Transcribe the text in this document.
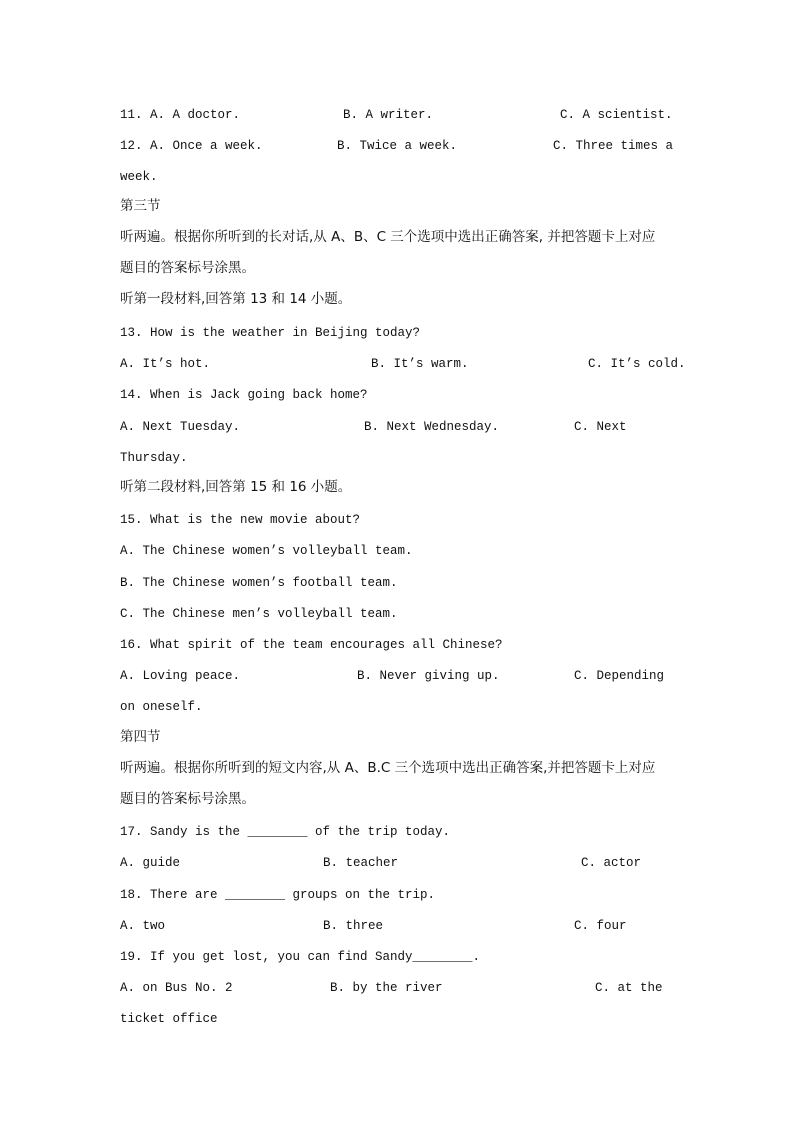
11. A. A doctor.	B. A writer.	C. A scientist.
12. A. Once a week.	B. Twice a week.	C. Three times a
week.
第三节
听两遍。根据你所听到的长对话,从 A、B、C 三个选项中选出正确答案, 并把答题卡上对应
题目的答案标号涂黑。
听第一段材料,回答第 13 和 14 小题。
13. How is the weather in Beijing today?
A. It’s hot.	B. It’s warm.	C. It’s cold.
14. When is Jack going back home?
A. Next Tuesday.	B. Next Wednesday.	C. Next
Thursday.
听第二段材料,回答第 15 和 16 小题。
15. What is the new movie about?
A. The Chinese women’s volleyball team.
B. The Chinese women’s football team.
C. The Chinese men’s volleyball team.
16. What spirit of the team encourages all Chinese?
A. Loving peace.	B. Never giving up.	C. Depending
on oneself.
第四节
听两遍。根据你所听到的短文内容,从 A、B.C 三个选项中选出正确答案,并把答题卡上对应
题目的答案标号涂黑。
17. Sandy is the ________ of the trip today.
A. guide	B. teacher	C. actor
18. There are ________ groups on the trip.
A. two	B. three	C. four
19. If you get lost, you can find Sandy________.
A. on Bus No. 2	B. by the river	C. at the
ticket office
